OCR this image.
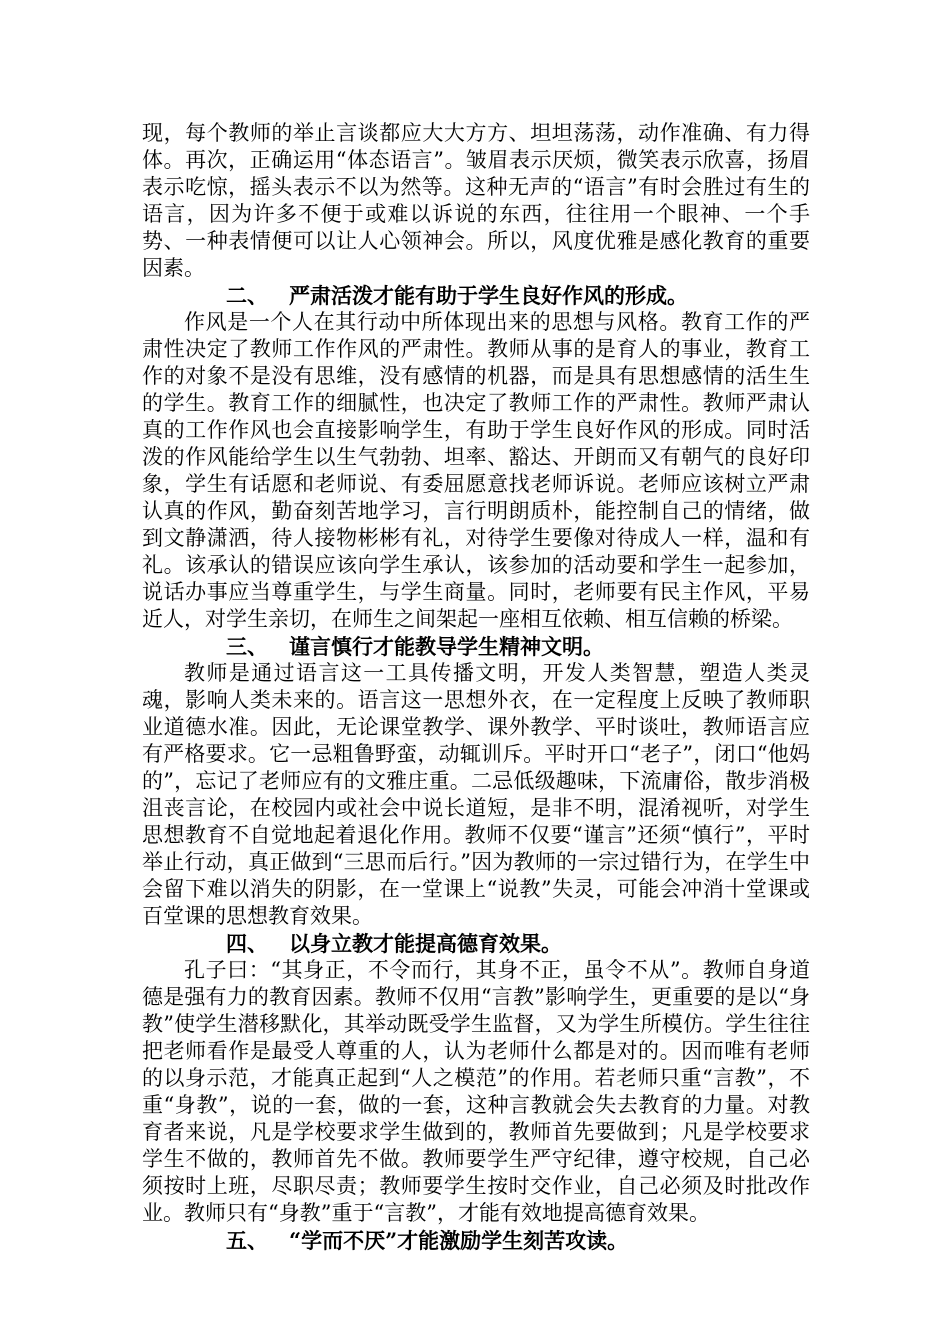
现，每个教师的举止言谈都应大大方方、坦坦荡荡，动作准确、有力得体。再次，正确运用“体态语言”。皱眉表示厌烦，微笑表示欣喜，扬眉表示吃惊，摇头表示不以为然等。这种无声的“语言”有时会胜过有生的语言，因为许多不便于或难以诉说的东西，往往用一个眼神、一个手势、一种表情便可以让人心领神会。所以，风度优雅是感化教育的重要因素。

二、 严肃活泼才能有助于学生良好作风的形成。

作风是一个人在其行动中所体现出来的思想与风格。教育工作的严肃性决定了教师工作作风的严肃性。教师从事的是育人的事业，教育工作的对象不是没有思维，没有感情的机器，而是具有思想感情的活生生的学生。教育工作的细腻性，也决定了教师工作的严肃性。教师严肃认真的工作作风也会直接影响学生，有助于学生良好作风的形成。同时活泼的作风能给学生以生气勃勃、坦率、豁达、开朗而又有朝气的良好印象，学生有话愿和老师说、有委屈愿意找老师诉说。老师应该树立严肃认真的作风，勤奋刻苦地学习，言行明朗质朴，能控制自己的情绪，做到文静潇洒，待人接物彬彬有礼，对待学生要像对待成人一样，温和有礼。该承认的错误应该向学生承认，该参加的活动要和学生一起参加，说话办事应当尊重学生，与学生商量。同时，老师要有民主作风，平易近人，对学生亲切，在师生之间架起一座相互依赖、相互信赖的桥梁。

三、 谨言慎行才能教导学生精神文明。

教师是通过语言这一工具传播文明，开发人类智慧，塑造人类灵魂，影响人类未来的。语言这一思想外衣，在一定程度上反映了教师职业道德水准。因此，无论课堂教学、课外教学、平时谈吐，教师语言应有严格要求。它一忌粗鲁野蛮，动辄训斥。平时开口“老子”，闭口“他妈的”，忘记了老师应有的文雅庄重。二忌低级趣味，下流庸俗，散步消极沮丧言论，在校园内或社会中说长道短，是非不明，混淆视听，对学生思想教育不自觉地起着退化作用。教师不仅要“谨言”还须“慎行”，平时举止行动，真正做到“三思而后行。”因为教师的一宗过错行为，在学生中会留下难以消失的阴影，在一堂课上“说教”失灵，可能会冲消十堂课或百堂课的思想教育效果。

四、 以身立教才能提高德育效果。

孔子曰：“其身正，不令而行，其身不正，虽令不从”。教师自身道德是强有力的教育因素。教师不仅用“言教”影响学生，更重要的是以“身教”使学生潜移默化，其举动既受学生监督，又为学生所模仿。学生往往把老师看作是最受人尊重的人，认为老师什么都是对的。因而唯有老师的以身示范，才能真正起到“人之模范”的作用。若老师只重“言教”，不重“身教”，说的一套，做的一套，这种言教就会失去教育的力量。对教育者来说，凡是学校要求学生做到的，教师首先要做到；凡是学校要求学生不做的，教师首先不做。教师要学生严守纪律，遵守校规，自己必须按时上班，尽职尽责；教师要学生按时交作业，自己必须及时批改作业。教师只有“身教”重于“言教”，才能有效地提高德育效果。

五、 “学而不厌”才能激励学生刻苦攻读。
